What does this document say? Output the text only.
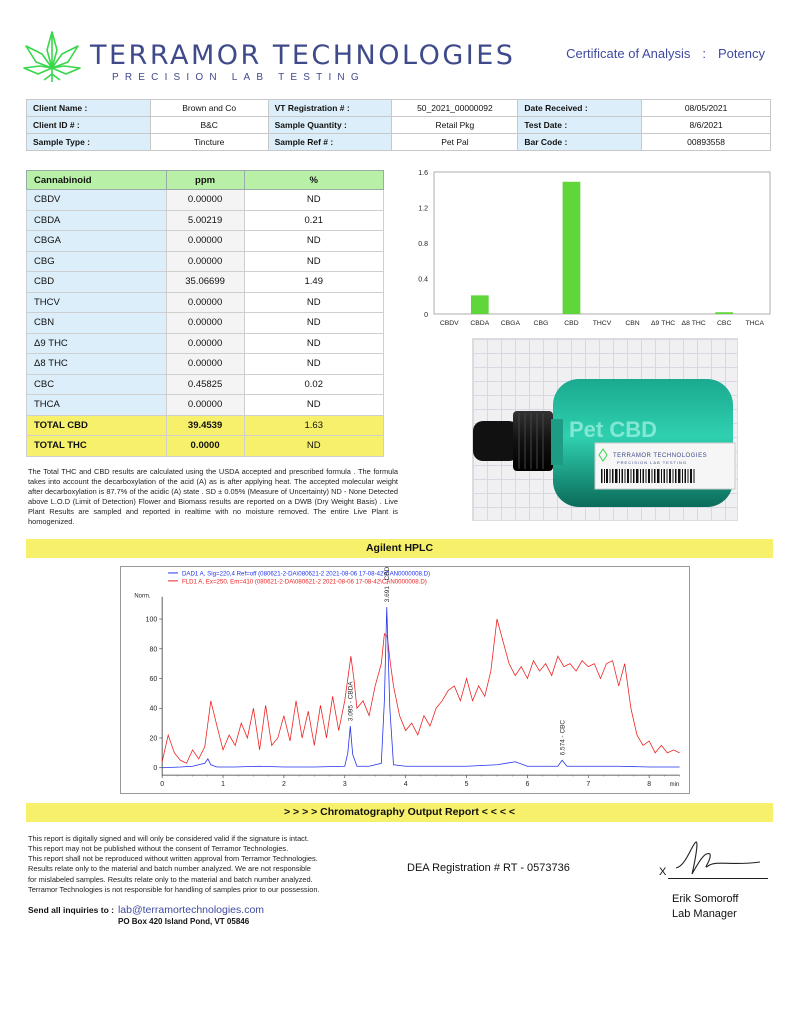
TERRAMOR TECHNOLOGIES
PRECISION LAB TESTING
Certificate of Analysis : Potency
Client Name :	Brown and Co	VT Registration # :	50_2021_00000092	Date Received :	08/05/2021
Client ID # :	B&C	Sample Quantity :	Retail Pkg	Test Date :	8/6/2021
Sample Type :	Tincture	Sample Ref # :	Pet Pal	Bar Code :	00893558
Cannabinoid	ppm	%
CBDV	0.00000	ND
CBDA	5.00219	0.21
CBGA	0.00000	ND
CBG	0.00000	ND
CBD	35.06699	1.49
THCV	0.00000	ND
CBN	0.00000	ND
Δ9 THC	0.00000	ND
Δ8 THC	0.00000	ND
CBC	0.45825	0.02
THCA	0.00000	ND
TOTAL CBD	39.4539	1.63
TOTAL THC	0.0000	ND
0
0.4
0.8
1.2
1.6
CBDV CBDA CBGA CBG CBD THCV CBN Δ9 THC Δ8 THC CBC THCA
Pet CBD
TERRAMOR TECHNOLOGIES
PRECISION LAB TESTING
The Total THC and CBD results are calculated using the USDA accepted and prescribed formula . The formula takes into account the decarboxylation of the acid (A) as is after applying heat. The accepted molecular weight after decarboxylation is 87.7% of the acidic (A) state . SD ± 0.05% (Measure of Uncertainty) ND - None Detected above L.O.D (Limit of Detection) Flower and Biomass results are reported on a DWB (Dry Weight Basis) . Live Plant Results are sampled and reported in realtime with no moisture removed. The entire Live Plant is homogenized.
Agilent HPLC
Norm.
min
0
20
40
60
80
100
0	1	2	3	4	5	6	7	8
DAD1 A, Sig=220,4 Ref=off (080621-2-DA\080621-2 2021-08-06 17-08-42\CAN0000008.D)
FLD1 A, Ex=250, Em=410 (080621-2-DA\080621-2 2021-08-06 17-08-42\CAN0000008.D)
3.095 - CBDA
3.691 - CBD
6.574 - CBC
> > > > Chromatography Output Report < < < <
This report is digitally signed and will only be considered valid if the signature is intact.
This report may not be published without the consent of Terramor Technologies.
This report shall not be reproduced without written approval from Terramor Technologies.
Results relate only to the material and batch number analyzed. We are not responsible
for mislabeled samples. Results relate only to the material and batch number analyzed.
Terramor Technologies is not responsible for handling of samples prior to our possession.
DEA Registration # RT - 0573736	X
Erik Somoroff
Lab Manager
Send all inquiries to : lab@terramortechnologies.com
PO Box 420 Island Pond, VT 05846
